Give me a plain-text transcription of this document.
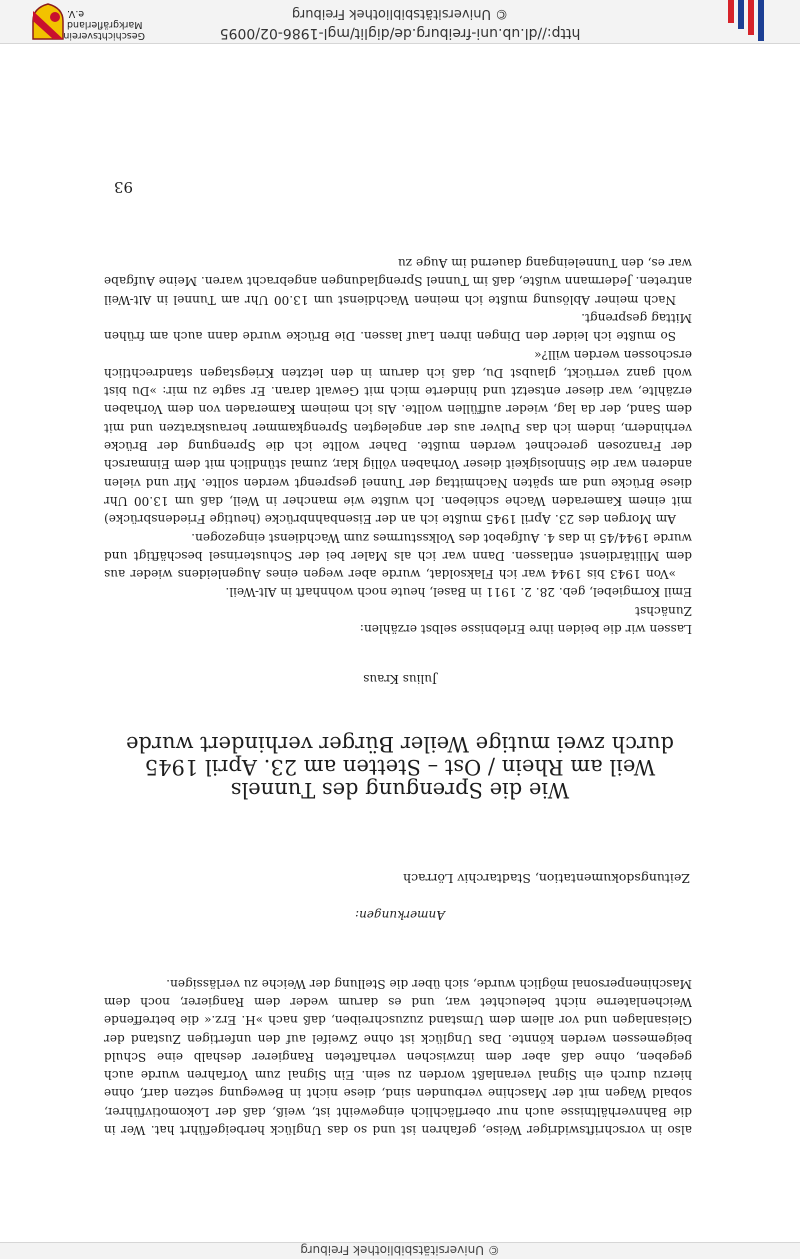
© Universitätsbibliothek Freiburg

also in vorschriftswidriger Weise, gefahren ist und so das Unglück herbeigeführt hat. Wer in die Bahnverhältnisse auch nur oberflächlich eingeweiht ist, weiß, daß der Lokomotivführer, sobald Wagen mit der Maschine verbunden sind, diese nicht in Bewegung setzen darf, ohne hierzu durch ein Signal veranlaßt worden zu sein. Ein Signal zum Vorfahren wurde auch gegeben, ohne daß aber dem inzwischen verhafteten Rangierer deshalb eine Schuld beigemessen werden könnte. Das Unglück ist ohne Zweifel auf den unfertigen Zustand der Gleisanlagen und vor allem dem Umstand zuzuschreiben, daß nach »H. Erz.« die betreffende Weichenlaterne nicht beleuchtet war, und es darum weder dem Rangierer, noch dem Maschinenpersonal möglich wurde, sich über die Stellung der Weiche zu verlässigen.

Anmerkungen:
Zeitungsdokumentation, Stadtarchiv Lörrach
Wie die Sprengung des Tunnels
Weil am Rhein / Ost – Stetten am 23. April 1945
durch zwei mutige Weiler Bürger verhindert wurde
Julius Kraus

Lassen wir die beiden ihre Erlebnisse selbst erzählen:

Zunächst

Emil Korngiebel, geb. 28. 2. 1911 in Basel, heute noch wohnhaft in Alt-Weil.

»Von 1943 bis 1944 war ich Flaksoldat, wurde aber wegen eines Augenleidens wieder aus dem Militärdienst entlassen. Dann war ich als Maler bei der Schusterinsel beschäftigt und wurde 1944/45 in das 4. Aufgebot des Volkssturmes zum Wachdienst eingezogen.

Am Morgen des 23. April 1945 mußte ich an der Eisenbahnbrücke (heutige Friedensbrücke) mit einem Kameraden Wache schieben. Ich wußte wie mancher in Weil, daß um 13.00 Uhr diese Brücke und am späten Nachmittag der Tunnel gesprengt werden sollte. Mir und vielen anderen war die Sinnlosigkeit dieser Vorhaben völlig klar, zumal stündlich mit dem Einmarsch der Franzosen gerechnet werden mußte. Daher wollte ich die Sprengung der Brücke verhindern, indem ich das Pulver aus der angelegten Sprengkammer herauskratzen und mit dem Sand, der da lag, wieder auffüllen wollte. Als ich meinem Kameraden von dem Vorhaben erzählte, war dieser entsetzt und hinderte mich mit Gewalt daran. Er sagte zu mir: »Du bist wohl ganz verrückt, glaubst Du, daß ich darum in den letzten Kriegstagen standrechtlich erschossen werden will?«

So mußte ich leider den Dingen ihren Lauf lassen. Die Brücke wurde dann auch am frühen Mittag gesprengt.

Nach meiner Ablösung mußte ich meinen Wachdienst um 13.00 Uhr am Tunnel in Alt-Weil antreten. Jedermann wußte, daß im Tunnel Sprengladungen angebracht waren. Meine Aufgabe war es, den Tunneleingang dauernd im Auge zu

93
© Universitätsbibliothek Freiburg
http://dl.ub.uni-freiburg.de/diglit/mgl-1986-02/0095
Geschichtsverein Markgräflerland e.V.
